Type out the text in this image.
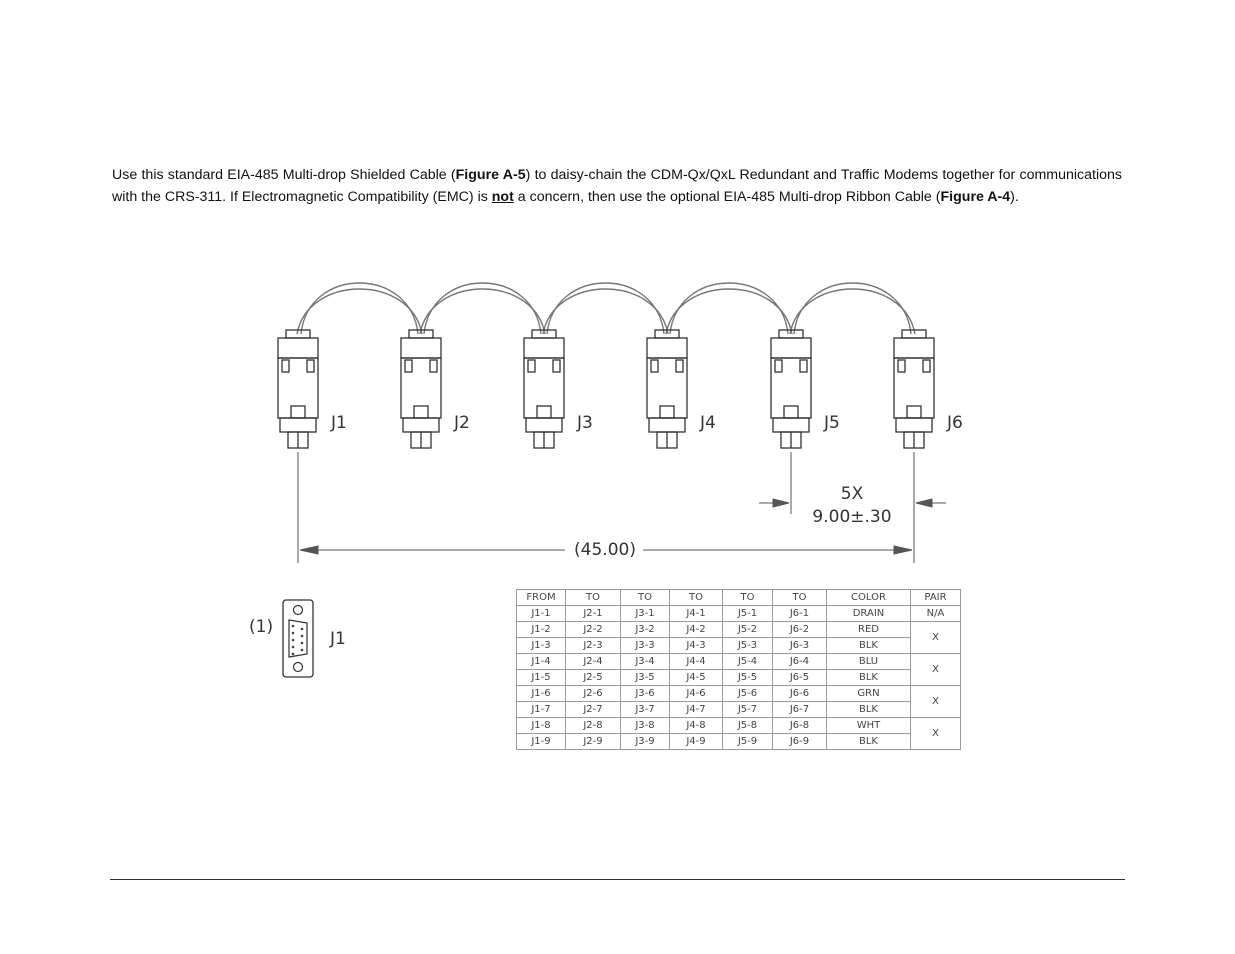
Use this standard EIA-485 Multi-drop Shielded Cable (Figure A-5) to daisy-chain the CDM-Qx/QxL Redundant and Traffic Modems together for communications with the CRS-311. If Electromagnetic Compatibility (EMC) is not a concern, then use the optional EIA-485 Multi-drop Ribbon Cable (Figure A-4).

J1	J2	J3	J4	J5	J6
5X
9.00±.30
(45.00)
(1)
J1
FROM	TO	TO	TO	TO	TO	COLOR	PAIR
J1-1	J2-1	J3-1	J4-1	J5-1	J6-1	DRAIN	N/A
J1-2	J2-2	J3-2	J4-2	J5-2	J6-2	RED	X
J1-3	J2-3	J3-3	J4-3	J5-3	J6-3	BLK	
J1-4	J2-4	J3-4	J4-4	J5-4	J6-4	BLU	X
J1-5	J2-5	J3-5	J4-5	J5-5	J6-5	BLK	
J1-6	J2-6	J3-6	J4-6	J5-6	J6-6	GRN	X
J1-7	J2-7	J3-7	J4-7	J5-7	J6-7	BLK	
J1-8	J2-8	J3-8	J4-8	J5-8	J6-8	WHT	X
J1-9	J2-9	J3-9	J4-9	J5-9	J6-9	BLK	
